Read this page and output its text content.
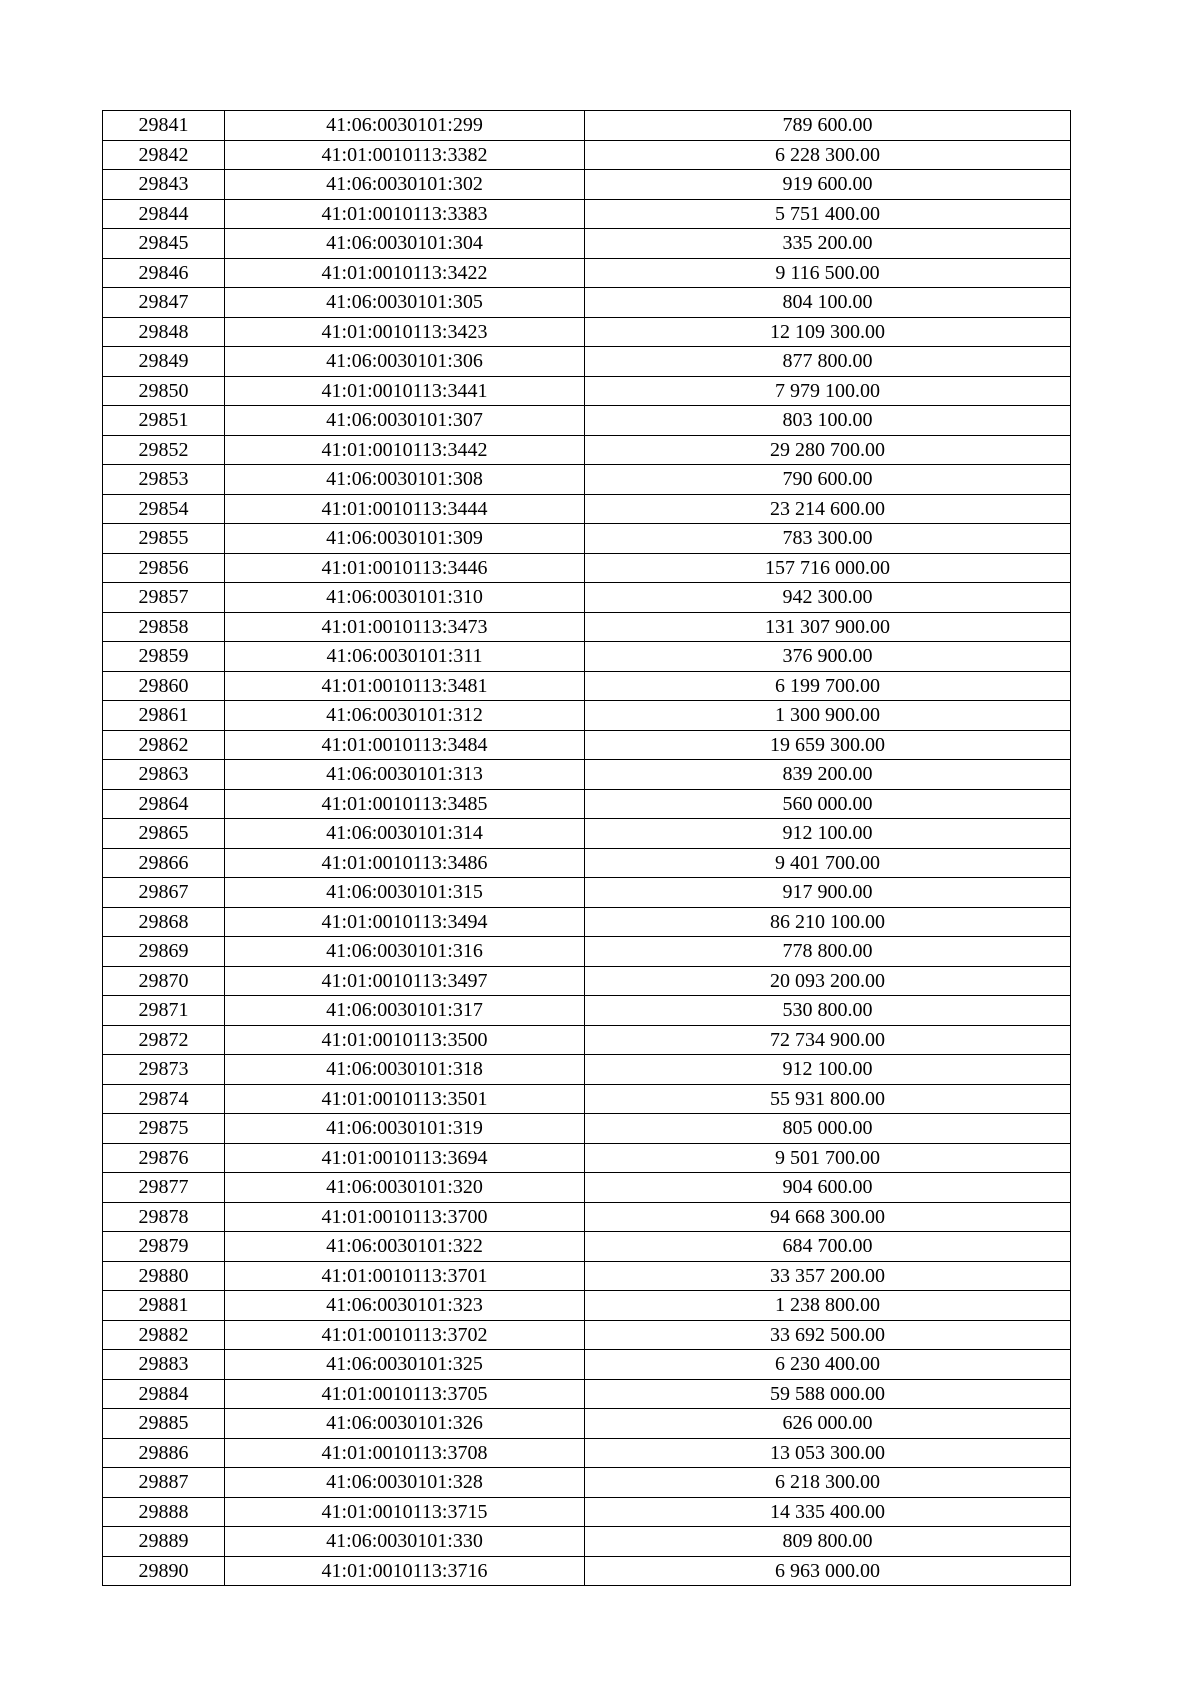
29841	41:06:0030101:299	789 600.00
29842	41:01:0010113:3382	6 228 300.00
29843	41:06:0030101:302	919 600.00
29844	41:01:0010113:3383	5 751 400.00
29845	41:06:0030101:304	335 200.00
29846	41:01:0010113:3422	9 116 500.00
29847	41:06:0030101:305	804 100.00
29848	41:01:0010113:3423	12 109 300.00
29849	41:06:0030101:306	877 800.00
29850	41:01:0010113:3441	7 979 100.00
29851	41:06:0030101:307	803 100.00
29852	41:01:0010113:3442	29 280 700.00
29853	41:06:0030101:308	790 600.00
29854	41:01:0010113:3444	23 214 600.00
29855	41:06:0030101:309	783 300.00
29856	41:01:0010113:3446	157 716 000.00
29857	41:06:0030101:310	942 300.00
29858	41:01:0010113:3473	131 307 900.00
29859	41:06:0030101:311	376 900.00
29860	41:01:0010113:3481	6 199 700.00
29861	41:06:0030101:312	1 300 900.00
29862	41:01:0010113:3484	19 659 300.00
29863	41:06:0030101:313	839 200.00
29864	41:01:0010113:3485	560 000.00
29865	41:06:0030101:314	912 100.00
29866	41:01:0010113:3486	9 401 700.00
29867	41:06:0030101:315	917 900.00
29868	41:01:0010113:3494	86 210 100.00
29869	41:06:0030101:316	778 800.00
29870	41:01:0010113:3497	20 093 200.00
29871	41:06:0030101:317	530 800.00
29872	41:01:0010113:3500	72 734 900.00
29873	41:06:0030101:318	912 100.00
29874	41:01:0010113:3501	55 931 800.00
29875	41:06:0030101:319	805 000.00
29876	41:01:0010113:3694	9 501 700.00
29877	41:06:0030101:320	904 600.00
29878	41:01:0010113:3700	94 668 300.00
29879	41:06:0030101:322	684 700.00
29880	41:01:0010113:3701	33 357 200.00
29881	41:06:0030101:323	1 238 800.00
29882	41:01:0010113:3702	33 692 500.00
29883	41:06:0030101:325	6 230 400.00
29884	41:01:0010113:3705	59 588 000.00
29885	41:06:0030101:326	626 000.00
29886	41:01:0010113:3708	13 053 300.00
29887	41:06:0030101:328	6 218 300.00
29888	41:01:0010113:3715	14 335 400.00
29889	41:06:0030101:330	809 800.00
29890	41:01:0010113:3716	6 963 000.00
